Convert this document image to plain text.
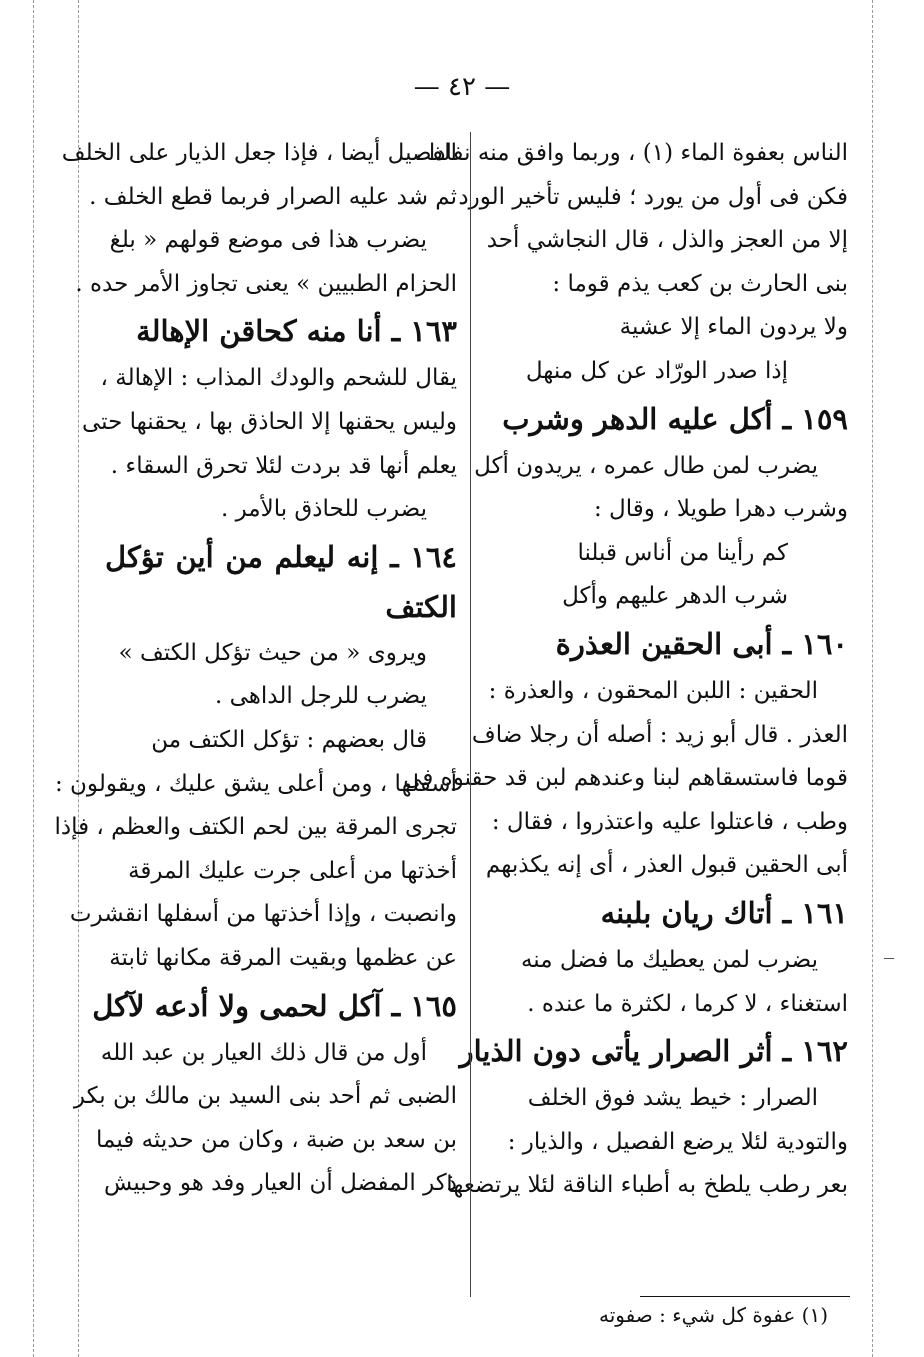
— ٤٢ —
الناس بعفوة الماء (١) ، وربما وافق منه نفادا ،
فكن فى أول من يورد ؛ فليس تأخير الورد
إلا من العجز والذل ، قال النجاشي أحد
بنى الحارث بن كعب يذم قوما :
ولا يردون الماء إلا عشية
إذا صدر الورّاد عن كل منهل
١٥٩ ـ أكل عليه الدهر وشرب
يضرب لمن طال عمره ، يريدون أكل
وشرب دهرا طويلا ، وقال :
كم رأينا من أناس قبلنا
شرب الدهر عليهم وأكل
١٦٠ ـ أبى الحقين العذرة
الحقين : اللبن المحقون ، والعذرة :
العذر . قال أبو زيد : أصله أن رجلا ضاف
قوما فاستسقاهم لبنا وعندهم لبن قد حقنوه فى
وطب ، فاعتلوا عليه واعتذروا ، فقال :
أبى الحقين قبول العذر ، أى إنه يكذبهم
١٦١ ـ أتاك ريان بلبنه
يضرب لمن يعطيك ما فضل منه
استغناء ، لا كرما ، لكثرة ما عنده .
١٦٢ ـ أثر الصرار يأتى دون الذيار
الصرار : خيط يشد فوق الخلف
والتودية لئلا يرضع الفصيل ، والذيار :
بعر رطب يلطخ به أطباء الناقة لئلا يرتضعها
الفصيل أيضا ، فإذا جعل الذيار على الخلف
ثم شد عليه الصرار فربما قطع الخلف .
يضرب هذا فى موضع قولهم « بلغ
الحزام الطبيين » يعنى تجاوز الأمر حده .
١٦٣ ـ أنا منه كحاقن الإهالة
يقال للشحم والودك المذاب : الإهالة ،
وليس يحقنها إلا الحاذق بها ، يحقنها حتى
يعلم أنها قد بردت لئلا تحرق السقاء .
يضرب للحاذق بالأمر .
١٦٤ ـ إنه ليعلم من أين تؤكل الكتف
ويروى « من حيث تؤكل الكتف »
يضرب للرجل الداهى .
قال بعضهم : تؤكل الكتف من
أسفلها ، ومن أعلى يشق عليك ، ويقولون :
تجرى المرقة بين لحم الكتف والعظم ، فإذا
أخذتها من أعلى جرت عليك المرقة
وانصبت ، وإذا أخذتها من أسفلها انقشرت
عن عظمها وبقيت المرقة مكانها ثابتة
١٦٥ ـ آكل لحمى ولا أدعه لآكل
أول من قال ذلك العيار بن عبد الله
الضبى ثم أحد بنى السيد بن مالك بن بكر
بن سعد بن ضبة ، وكان من حديثه فيما
ذكر المفضل أن العيار وفد هو وحبيش
(١) عفوة كل شيء : صفوته
